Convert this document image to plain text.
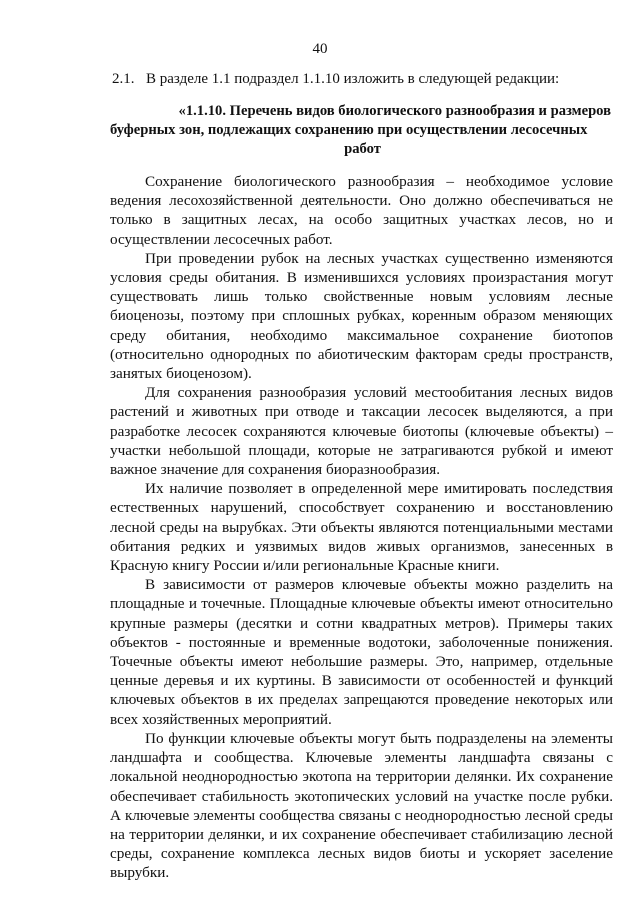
40
2.1. В разделе 1.1 подраздел 1.1.10 изложить в следующей редакции:
«1.1.10. Перечень видов биологического разнообразия и размеров
буферных зон, подлежащих сохранению при осуществлении лесосечных
работ

Сохранение биологического разнообразия – необходимое условие ведения лесохозяйственной деятельности. Оно должно обеспечиваться не только в защитных лесах, на особо защитных участках лесов, но и осуществлении лесосечных работ.

При проведении рубок на лесных участках существенно изменяются условия среды обитания. В изменившихся условиях произрастания могут существовать лишь только свойственные новым условиям лесные биоценозы, поэтому при сплошных рубках, коренным образом меняющих среду обитания, необходимо максимальное сохранение биотопов (относительно однородных по абиотическим факторам среды пространств, занятых биоценозом).

Для сохранения разнообразия условий местообитания лесных видов растений и животных при отводе и таксации лесосек выделяются, а при разработке лесосек сохраняются ключевые биотопы (ключевые объекты) – участки небольшой площади, которые не затрагиваются рубкой и имеют важное значение для сохранения биоразнообразия.

Их наличие позволяет в определенной мере имитировать последствия естественных нарушений, способствует сохранению и восстановлению лесной среды на вырубках. Эти объекты являются потенциальными местами обитания редких и уязвимых видов живых организмов, занесенных в Красную книгу России и/или региональные Красные книги.

В зависимости от размеров ключевые объекты можно разделить на площадные и точечные. Площадные ключевые объекты имеют относительно крупные размеры (десятки и сотни квадратных метров). Примеры таких объектов - постоянные и временные водотоки, заболоченные понижения. Точечные объекты имеют небольшие размеры. Это, например, отдельные ценные деревья и их куртины. В зависимости от особенностей и функций ключевых объектов в их пределах запрещаются проведение некоторых или всех хозяйственных мероприятий.

По функции ключевые объекты могут быть подразделены на элементы ландшафта и сообщества. Ключевые элементы ландшафта связаны с локальной неоднородностью экотопа на территории делянки. Их сохранение обеспечивает стабильность экотопических условий на участке после рубки. А ключевые элементы сообщества связаны с неоднородностью лесной среды на территории делянки, и их сохранение обеспечивает стабилизацию лесной среды, сохранение комплекса лесных видов биоты и ускоряет заселение вырубки.
